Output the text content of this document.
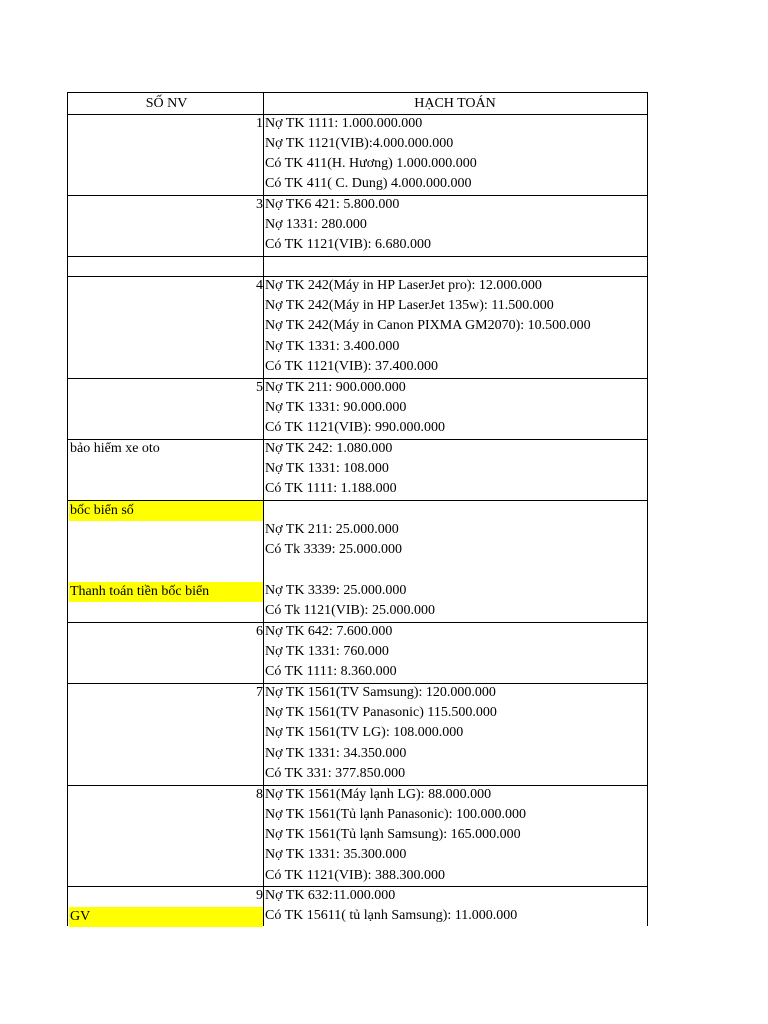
SỐ NV	HẠCH TOÁN
1 Nợ TK 1111: 1.000.000.000
Nợ TK 1121(VIB):4.000.000.000
Có TK 411(H. Hương) 1.000.000.000
Có TK 411( C. Dung) 4.000.000.000
3 Nợ TK6 421: 5.800.000
Nợ 1331: 280.000
Có TK 1121(VIB): 6.680.000
4 Nợ TK 242(Máy in HP LaserJet pro): 12.000.000
Nợ TK 242(Máy in HP LaserJet 135w): 11.500.000
Nợ TK 242(Máy in Canon PIXMA GM2070): 10.500.000
Nợ TK 1331: 3.400.000
Có TK 1121(VIB): 37.400.000
5 Nợ TK 211: 900.000.000
Nợ TK 1331: 90.000.000
Có TK 1121(VIB): 990.000.000
bảo hiểm xe oto	Nợ TK 242: 1.080.000
Nợ TK 1331: 108.000
Có TK 1111: 1.188.000
bốc biển số
Nợ TK 211: 25.000.000
Có Tk 3339: 25.000.000
Thanh toán tiền bốc biển	Nợ TK 3339: 25.000.000
Có Tk 1121(VIB): 25.000.000
6 Nợ TK 642: 7.600.000
Nợ TK 1331: 760.000
Có TK 1111: 8.360.000
7 Nợ TK 1561(TV Samsung): 120.000.000
Nợ TK 1561(TV Panasonic) 115.500.000
Nợ TK 1561(TV LG): 108.000.000
Nợ TK 1331: 34.350.000
Có TK 331: 377.850.000
8 Nợ TK 1561(Máy lạnh LG): 88.000.000
Nợ TK 1561(Tủ lạnh Panasonic): 100.000.000
Nợ TK 1561(Tủ lạnh Samsung): 165.000.000
Nợ TK 1331: 35.300.000
Có TK 1121(VIB): 388.300.000
9 Nợ TK 632:11.000.000
GV	Có TK 15611( tủ lạnh Samsung): 11.000.000
